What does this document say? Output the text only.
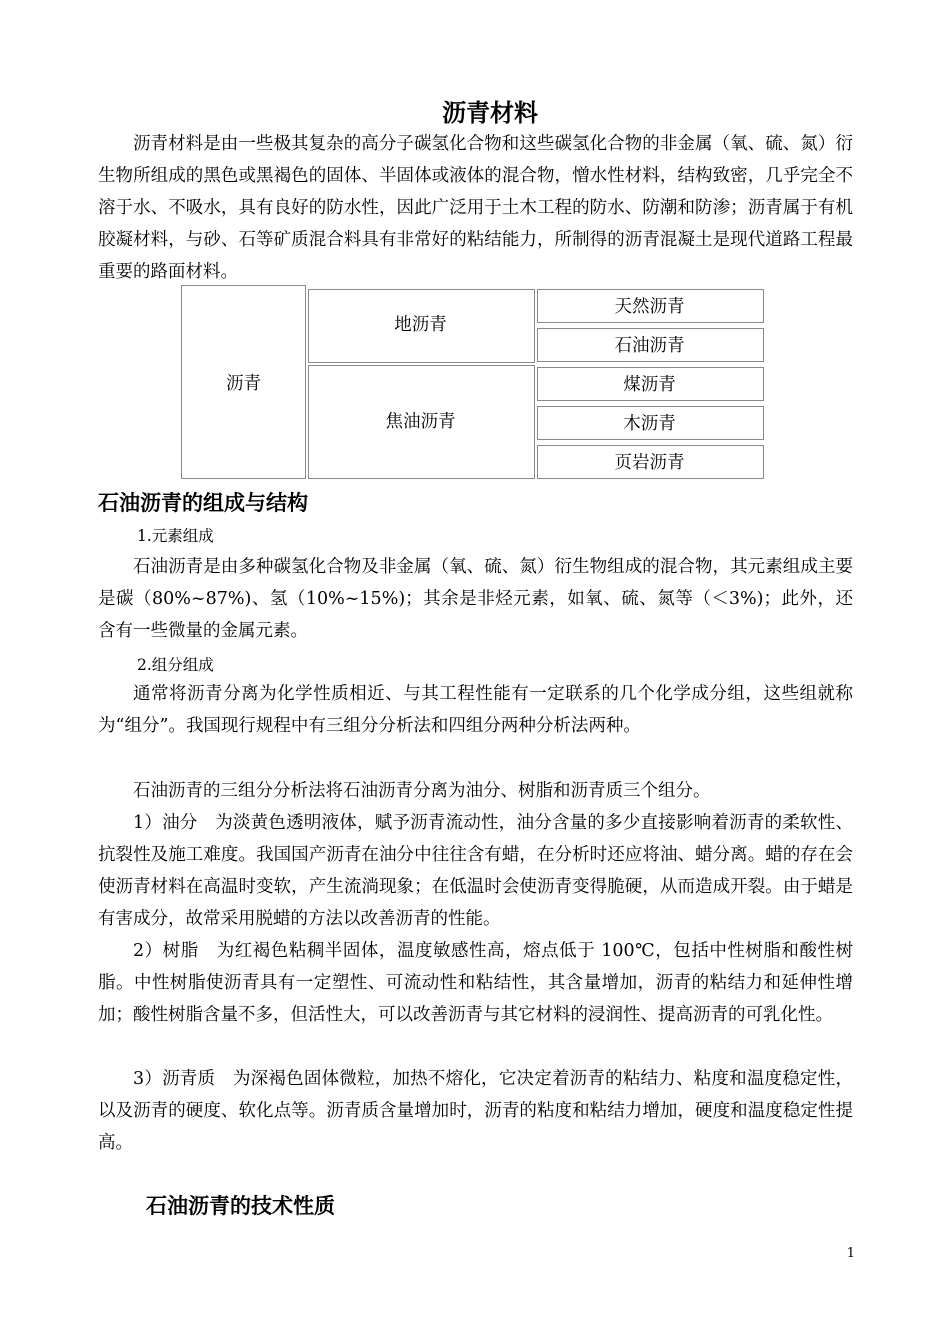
沥青材料
沥青材料是由一些极其复杂的高分子碳氢化合物和这些碳氢化合物的非金属（氧、硫、氮）衍生物所组成的黑色或黑褐色的固体、半固体或液体的混合物，憎水性材料，结构致密，几乎完全不溶于水、不吸水，具有良好的防水性，因此广泛用于土木工程的防水、防潮和防渗；沥青属于有机胶凝材料，与砂、石等矿质混合料具有非常好的粘结能力，所制得的沥青混凝土是现代道路工程最重要的路面材料。
沥青
地沥青
焦油沥青
天然沥青
石油沥青
煤沥青
木沥青
页岩沥青
石油沥青的组成与结构
1.元素组成
石油沥青是由多种碳氢化合物及非金属（氧、硫、氮）衍生物组成的混合物，其元素组成主要是碳（80%~87%)、氢（10%~15%)；其余是非烃元素，如氧、硫、氮等（＜3%)；此外，还含有一些微量的金属元素。
2.组分组成
通常将沥青分离为化学性质相近、与其工程性能有一定联系的几个化学成分组，这些组就称为“组分”。我国现行规程中有三组分分析法和四组分两种分析法两种。
石油沥青的三组分分析法将石油沥青分离为油分、树脂和沥青质三个组分。
1）油分　为淡黄色透明液体，赋予沥青流动性，油分含量的多少直接影响着沥青的柔软性、抗裂性及施工难度。我国国产沥青在油分中往往含有蜡，在分析时还应将油、蜡分离。蜡的存在会使沥青材料在高温时变软，产生流淌现象；在低温时会使沥青变得脆硬，从而造成开裂。由于蜡是有害成分，故常采用脱蜡的方法以改善沥青的性能。
2）树脂　为红褐色粘稠半固体，温度敏感性高，熔点低于 100℃，包括中性树脂和酸性树脂。中性树脂使沥青具有一定塑性、可流动性和粘结性，其含量增加，沥青的粘结力和延伸性增加；酸性树脂含量不多，但活性大，可以改善沥青与其它材料的浸润性、提高沥青的可乳化性。
3）沥青质　为深褐色固体微粒，加热不熔化，它决定着沥青的粘结力、粘度和温度稳定性，以及沥青的硬度、软化点等。沥青质含量增加时，沥青的粘度和粘结力增加，硬度和温度稳定性提高。
石油沥青的技术性质
1
